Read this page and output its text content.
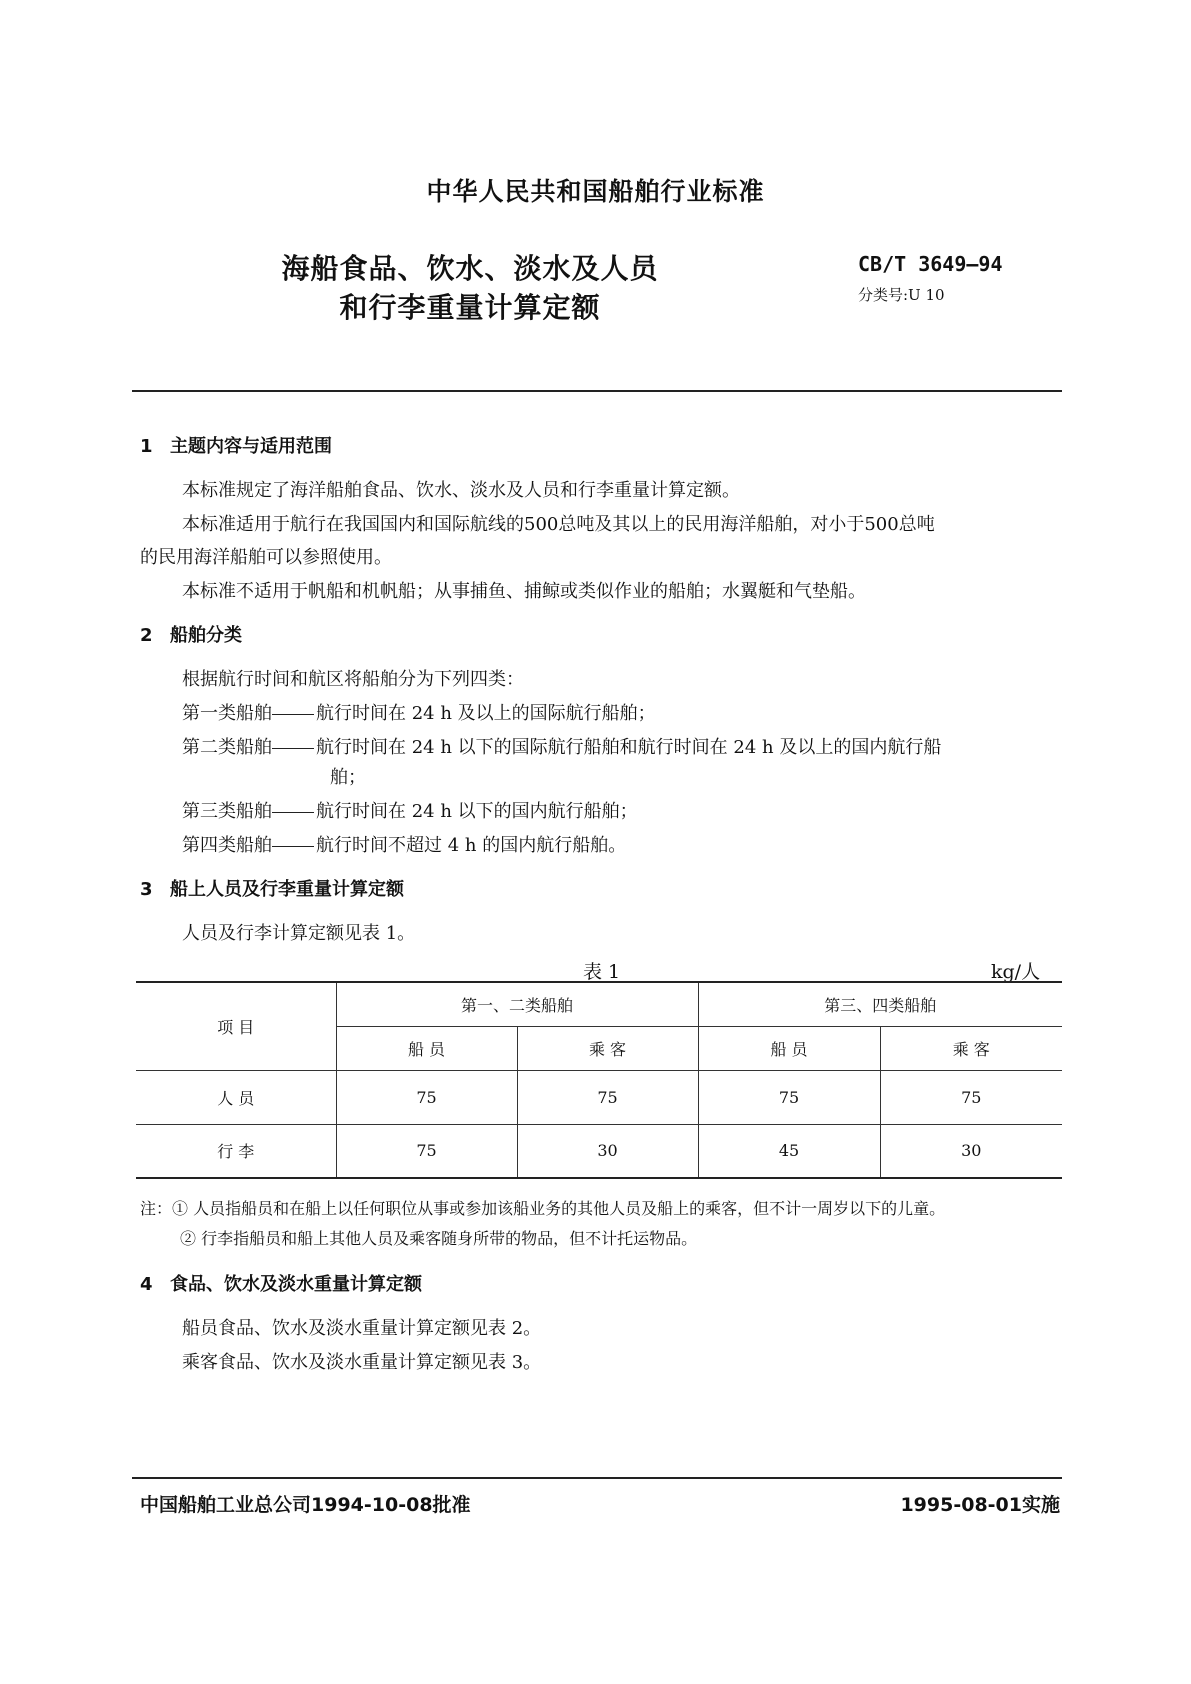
中华人民共和国船舶行业标准
海船食品、饮水、淡水及人员
和行李重量计算定额
CB/T 3649—94
分类号:U 10
1 主题内容与适用范围
本标准规定了海洋船舶食品、饮水、淡水及人员和行李重量计算定额。
本标准适用于航行在我国国内和国际航线的500总吨及其以上的民用海洋船舶，对小于500总吨
的民用海洋船舶可以参照使用。
本标准不适用于帆船和机帆船；从事捕鱼、捕鲸或类似作业的船舶；水翼艇和气垫船。
2 船舶分类
根据航行时间和航区将船舶分为下列四类：
第一类船舶 航行时间在 24 h 及以上的国际航行船舶；
第二类船舶 航行时间在 24 h 以下的国际航行船舶和航行时间在 24 h 及以上的国内航行船
舶；
第三类船舶 航行时间在 24 h 以下的国内航行船舶；
第四类船舶 航行时间不超过 4 h 的国内航行船舶。
3 船上人员及行李重量计算定额
人员及行李计算定额见表 1。
表 1	kg/人
项 目	第一、二类船舶		第三、四类船舶	
	船 员	乘 客	船 员	乘 客
人 员	75	75	75	75
行 李	75	30	45	30
注：① 人员指船员和在船上以任何职位从事或参加该船业务的其他人员及船上的乘客，但不计一周岁以下的儿童。
② 行李指船员和船上其他人员及乘客随身所带的物品，但不计托运物品。
4 食品、饮水及淡水重量计算定额
船员食品、饮水及淡水重量计算定额见表 2。
乘客食品、饮水及淡水重量计算定额见表 3。
中国船舶工业总公司1994-10-08批准	1995-08-01实施
